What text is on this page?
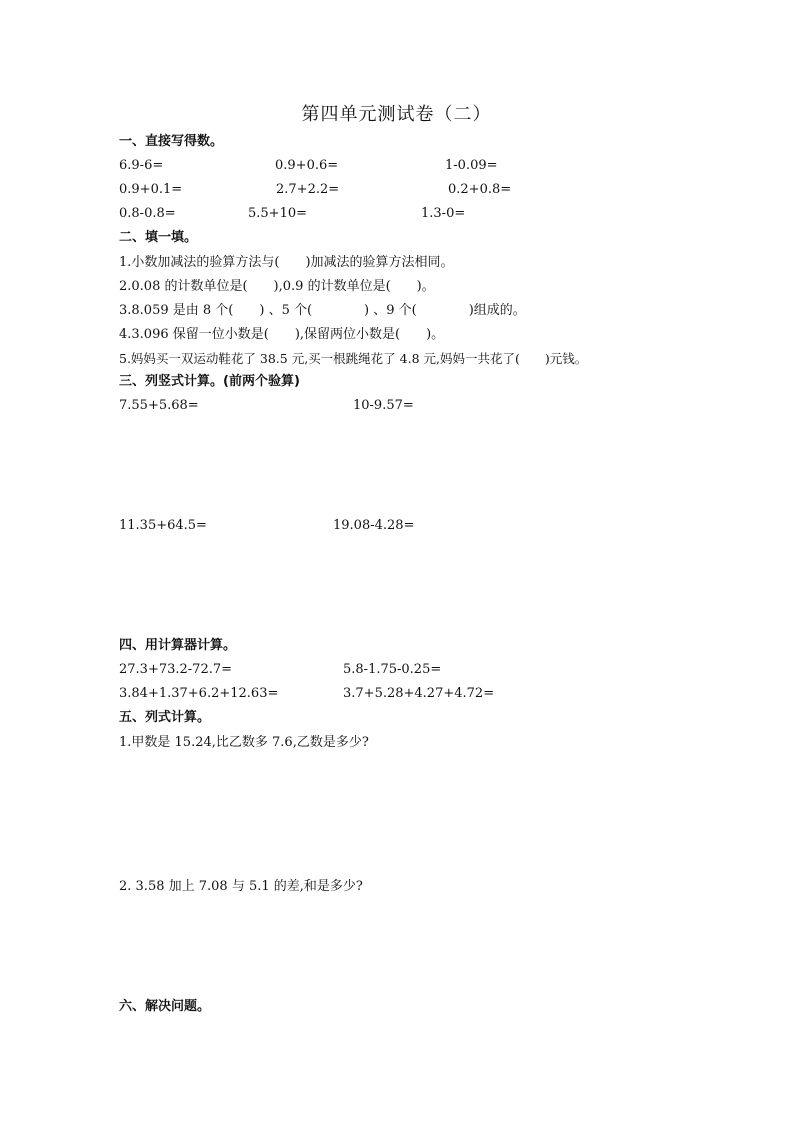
第四单元测试卷（二）
一、直接写得数。
6.9-6=	0.9+0.6=	1-0.09=
0.9+0.1=	2.7+2.2=	0.2+0.8=
0.8-0.8=	5.5+10=	1.3-0=
二、填一填。
1.小数加减法的验算方法与(　　)加减法的验算方法相同。
2.0.08 的计数单位是(　　),0.9 的计数单位是(　　)。
3.8.059 是由 8 个(　　) 、5 个(　　　　) 、9 个(　　　　)组成的。
4.3.096 保留一位小数是(　　),保留两位小数是(　　)。
5.妈妈买一双运动鞋花了 38.5 元,买一根跳绳花了 4.8 元,妈妈一共花了(　　)元钱。
三、列竖式计算。(前两个验算)
7.55+5.68=	10-9.57=
11.35+64.5=	19.08-4.28=
四、用计算器计算。
27.3+73.2-72.7=	5.8-1.75-0.25=
3.84+1.37+6.2+12.63=	3.7+5.28+4.27+4.72=
五、列式计算。
1.甲数是 15.24,比乙数多 7.6,乙数是多少?
2. 3.58 加上 7.08 与 5.1 的差,和是多少?
六、解决问题。
